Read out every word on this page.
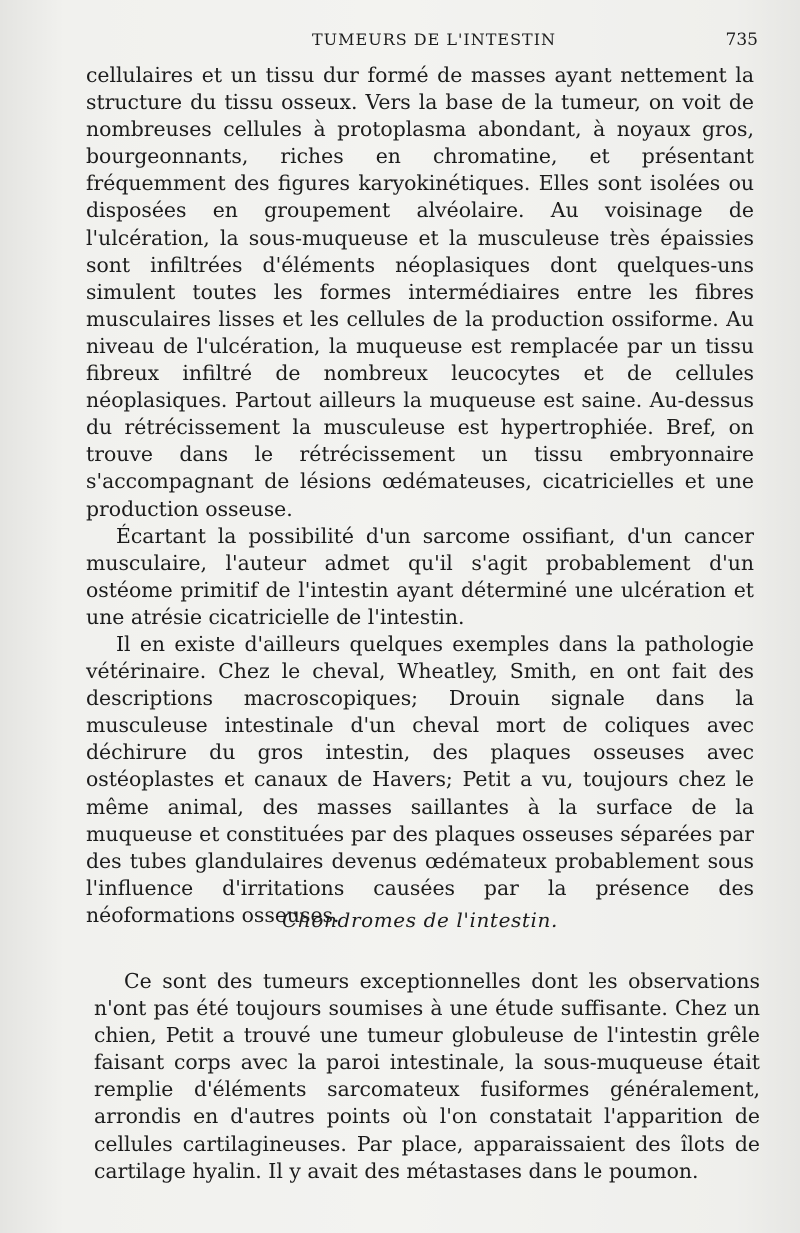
TUMEURS DE L'INTESTIN	735

cellulaires et un tissu dur formé de masses ayant nettement la structure du tissu osseux. Vers la base de la tumeur, on voit de nombreuses cellules à protoplasma abondant, à noyaux gros, bourgeonnants, riches en chromatine, et présentant fréquemment des figures karyokinétiques. Elles sont isolées ou disposées en groupement alvéolaire. Au voisinage de l'ulcération, la sous-muqueuse et la musculeuse très épaissies sont infiltrées d'éléments néoplasiques dont quelques-uns simulent toutes les formes intermédiaires entre les fibres musculaires lisses et les cellules de la production ossiforme. Au niveau de l'ulcération, la muqueuse est remplacée par un tissu fibreux infiltré de nombreux leucocytes et de cellules néoplasiques. Partout ailleurs la muqueuse est saine. Au-dessus du rétrécissement la musculeuse est hypertrophiée. Bref, on trouve dans le rétrécissement un tissu embryonnaire s'accompagnant de lésions œdémateuses, cicatricielles et une production osseuse.

Écartant la possibilité d'un sarcome ossifiant, d'un cancer musculaire, l'auteur admet qu'il s'agit probablement d'un ostéome primitif de l'intestin ayant déterminé une ulcération et une atrésie cicatricielle de l'intestin.

Il en existe d'ailleurs quelques exemples dans la pathologie vétérinaire. Chez le cheval, Wheatley, Smith, en ont fait des descriptions macroscopiques; Drouin signale dans la musculeuse intestinale d'un cheval mort de coliques avec déchirure du gros intestin, des plaques osseuses avec ostéoplastes et canaux de Havers; Petit a vu, toujours chez le même animal, des masses saillantes à la surface de la muqueuse et constituées par des plaques osseuses séparées par des tubes glandulaires devenus œdémateux probablement sous l'influence d'irritations causées par la présence des néoformations osseuses.

Chondromes de l'intestin.

Ce sont des tumeurs exceptionnelles dont les observations n'ont pas été toujours soumises à une étude suffisante. Chez un chien, Petit a trouvé une tumeur globuleuse de l'intestin grêle faisant corps avec la paroi intestinale, la sous-muqueuse était remplie d'éléments sarcomateux fusiformes généralement, arrondis en d'autres points où l'on constatait l'apparition de cellules cartilagineuses. Par place, apparaissaient des îlots de cartilage hyalin. Il y avait des métastases dans le poumon.
